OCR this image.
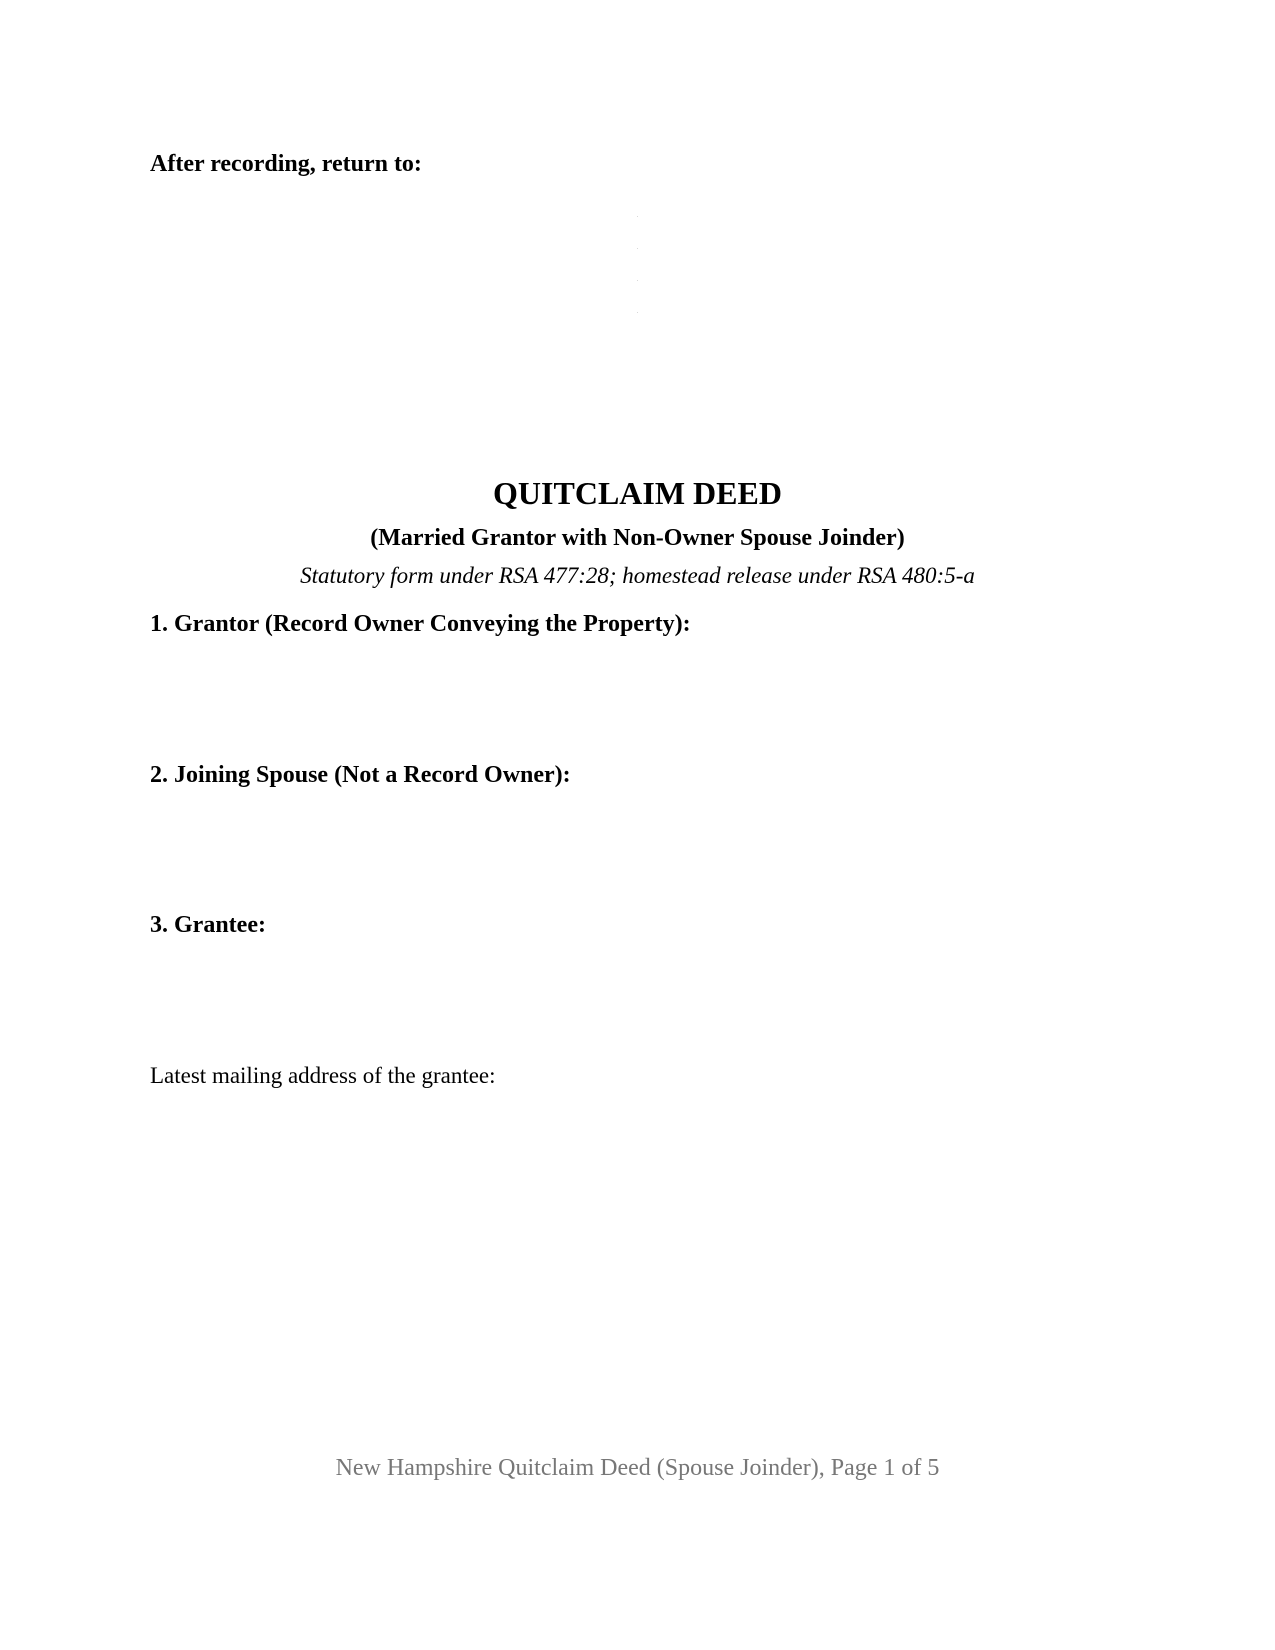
After recording, return to:
QUITCLAIM DEED
(Married Grantor with Non-Owner Spouse Joinder)
Statutory form under RSA 477:28; homestead release under RSA 480:5-a
1. Grantor (Record Owner Conveying the Property):
2. Joining Spouse (Not a Record Owner):
3. Grantee:
Latest mailing address of the grantee:
New Hampshire Quitclaim Deed (Spouse Joinder), Page 1 of 5
